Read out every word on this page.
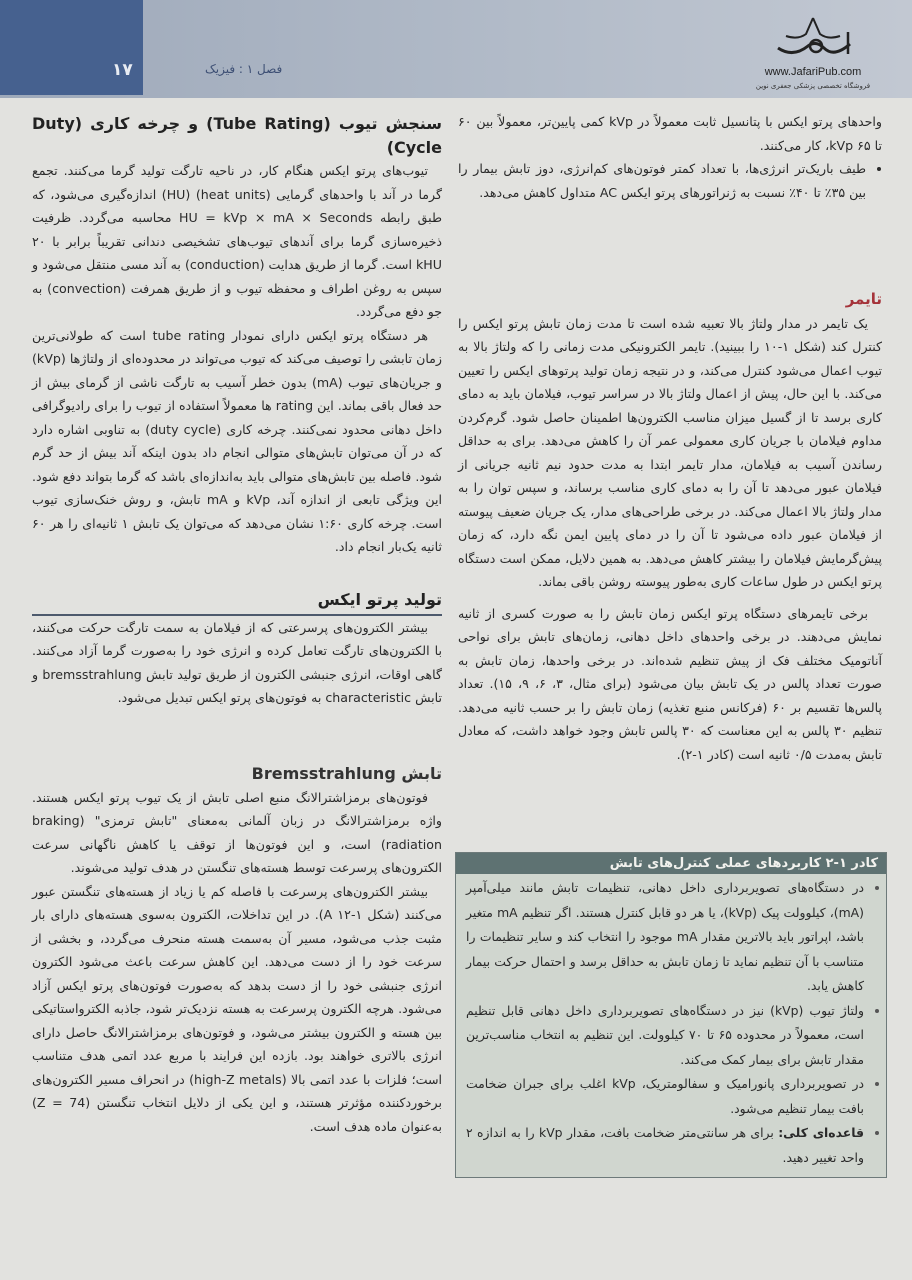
۱۷	فصل ۱ : فیزیک	www.JafariPub.com
فروشگاه تخصصی پزشکی جعفری نوین

واحدهای پرتو ایکس با پتانسیل ثابت معمولاً در kVp کمی پایین‌تر، معمولاً بین ۶۰ تا ۶۵ kVp، کار می‌کنند.

• طیف باریک‌تر انرژی‌ها، با تعداد کمتر فوتون‌های کم‌انرژی، دوز تابش بیمار را بین ۳۵٪ تا ۴۰٪ نسبت به ژنراتورهای پرتو ایکس AC متداول کاهش می‌دهد.
تایمر

یک تایمر در مدار ولتاژ بالا تعبیه شده است تا مدت زمان تابش پرتو ایکس را کنترل کند (شکل ۱-۱۰ را ببینید). تایمر الکترونیکی مدت زمانی را که ولتاژ بالا به تیوب اعمال می‌شود کنترل می‌کند، و در نتیجه زمان تولید پرتوهای ایکس را تعیین می‌کند. با این حال، پیش از اعمال ولتاژ بالا در سراسر تیوب، فیلامان باید به دمای کاری برسد تا از گسیل میزان مناسب الکترون‌ها اطمینان حاصل شود. گرم‌کردن مداوم فیلامان با جریان کاری معمولی عمر آن را کاهش می‌دهد. برای به حداقل رساندن آسیب به فیلامان، مدار تایمر ابتدا به مدت حدود نیم ثانیه جریانی از فیلامان عبور می‌دهد تا آن را به دمای کاری مناسب برساند، و سپس توان را به مدار ولتاژ بالا اعمال می‌کند. در برخی طراحی‌های مدار، یک جریان ضعیف پیوسته از فیلامان عبور داده می‌شود تا آن را در دمای پایین ایمن نگه دارد، که زمان پیش‌گرمایش فیلامان را بیشتر کاهش می‌دهد. به همین دلایل، ممکن است دستگاه پرتو ایکس در طول ساعات کاری به‌طور پیوسته روشن باقی بماند.

برخی تایمرهای دستگاه پرتو ایکس زمان تابش را به صورت کسری از ثانیه نمایش می‌دهند. در برخی واحدهای داخل دهانی، زمان‌های تابش برای نواحی آناتومیک مختلف فک از پیش تنظیم شده‌اند. در برخی واحدها، زمان تابش به صورت تعداد پالس در یک تابش بیان می‌شود (برای مثال، ۳، ۶، ۹، ۱۵). تعداد پالس‌ها تقسیم بر ۶۰ (فرکانس منبع تغذیه) زمان تابش را بر حسب ثانیه می‌دهد. تنظیم ۳۰ پالس به این معناست که ۳۰ پالس تابش وجود خواهد داشت، که معادل تابش به‌مدت ۰/۵ ثانیه است (کادر ۱-۲).

کادر ۱-۲ کاربردهای عملی کنترل‌های تابش
• در دستگاه‌های تصویربرداری داخل دهانی، تنظیمات تابش مانند میلی‌آمپر (mA)، کیلوولت پیک (kVp)، یا هر دو قابل کنترل هستند. اگر تنظیم mA متغیر باشد، اپراتور باید بالاترین مقدار mA موجود را انتخاب کند و سایر تنظیمات را متناسب با آن تنظیم نماید تا زمان تابش به حداقل برسد و احتمال حرکت بیمار کاهش یابد.
• ولتاژ تیوب (kVp) نیز در دستگاه‌های تصویربرداری داخل دهانی قابل تنظیم است، معمولاً در محدوده ۶۵ تا ۷۰ کیلوولت. این تنظیم به انتخاب مناسب‌ترین مقدار تابش برای بیمار کمک می‌کند.
• در تصویربرداری پانورامیک و سفالومتریک، kVp اغلب برای جبران ضخامت بافت بیمار تنظیم می‌شود.
• قاعده‌ای کلی: برای هر سانتی‌متر ضخامت بافت، مقدار kVp را به اندازه ۲ واحد تغییر دهید.
سنجش تیوب (Tube Rating) و چرخه کاری (Duty Cycle)

تیوب‌های پرتو ایکس هنگام کار، در ناحیه تارگت تولید گرما می‌کنند. تجمع گرما در آند با واحدهای گرمایی (heat units) (HU) اندازه‌گیری می‌شود، که طبق رابطه HU = kVp × mA × Seconds محاسبه می‌گردد. ظرفیت ذخیره‌سازی گرما برای آندهای تیوب‌های تشخیصی دندانی تقریباً برابر با ۲۰ kHU است. گرما از طریق هدایت (conduction) به آند مسی منتقل می‌شود و سپس به روغن اطراف و محفظه تیوب و از طریق همرفت (convection) به جو دفع می‌گردد.

هر دستگاه پرتو ایکس دارای نمودار tube rating است که طولانی‌ترین زمان تابشی را توصیف می‌کند که تیوب می‌تواند در محدوده‌ای از ولتاژها (kVp) و جریان‌های تیوب (mA) بدون خطر آسیب به تارگت ناشی از گرمای بیش از حد فعال باقی بماند. این rating ها معمولاً استفاده از تیوب را برای رادیوگرافی داخل دهانی محدود نمی‌کنند. چرخه کاری (duty cycle) به تناوبی اشاره دارد که در آن می‌توان تابش‌های متوالی انجام داد بدون اینکه آند بیش از حد گرم شود. فاصله بین تابش‌های متوالی باید به‌اندازه‌ای باشد که گرما بتواند دفع شود. این ویژگی تابعی از اندازه آند، kVp و mA تابش، و روش خنک‌سازی تیوب است. چرخه کاری ۱:۶۰ نشان می‌دهد که می‌توان یک تابش ۱ ثانیه‌ای را هر ۶۰ ثانیه یک‌بار انجام داد.

تولید پرتو ایکس

بیشتر الکترون‌های پرسرعتی که از فیلامان به سمت تارگت حرکت می‌کنند، با الکترون‌های تارگت تعامل کرده و انرژی خود را به‌صورت گرما آزاد می‌کنند. گاهی اوقات، انرژی جنبشی الکترون از طریق تولید تابش bremsstrahlung و تابش characteristic به فوتون‌های پرتو ایکس تبدیل می‌شود.

تابش Bremsstrahlung

فوتون‌های برمزاشترالانگ منبع اصلی تابش از یک تیوب پرتو ایکس هستند. واژه برمزاشترالانگ در زبان آلمانی به‌معنای "تابش ترمزی" (braking radiation) است، و این فوتون‌ها از توقف یا کاهش ناگهانی سرعت الکترون‌های پرسرعت توسط هسته‌های تنگستن در هدف تولید می‌شوند.

بیشتر الکترون‌های پرسرعت با فاصله کم یا زیاد از هسته‌های تنگستن عبور می‌کنند (شکل ۱-۱۲ A). در این تداخلات، الکترون به‌سوی هسته‌های دارای بار مثبت جذب می‌شود، مسیر آن به‌سمت هسته منحرف می‌گردد، و بخشی از سرعت خود را از دست می‌دهد. این کاهش سرعت باعث می‌شود الکترون انرژی جنبشی خود را از دست بدهد که به‌صورت فوتون‌های پرتو ایکس آزاد می‌شود. هرچه الکترون پرسرعت به هسته نزدیک‌تر شود، جاذبه الکترواستاتیکی بین هسته و الکترون بیشتر می‌شود، و فوتون‌های برمزاشترالانگ حاصل دارای انرژی بالاتری خواهند بود. بازده این فرایند با مربع عدد اتمی هدف متناسب است؛ فلزات با عدد اتمی بالا (high-Z metals) در انحراف مسیر الکترون‌های برخوردکننده مؤثرتر هستند، و این یکی از دلایل انتخاب تنگستن (Z = 74) به‌عنوان ماده هدف است.
